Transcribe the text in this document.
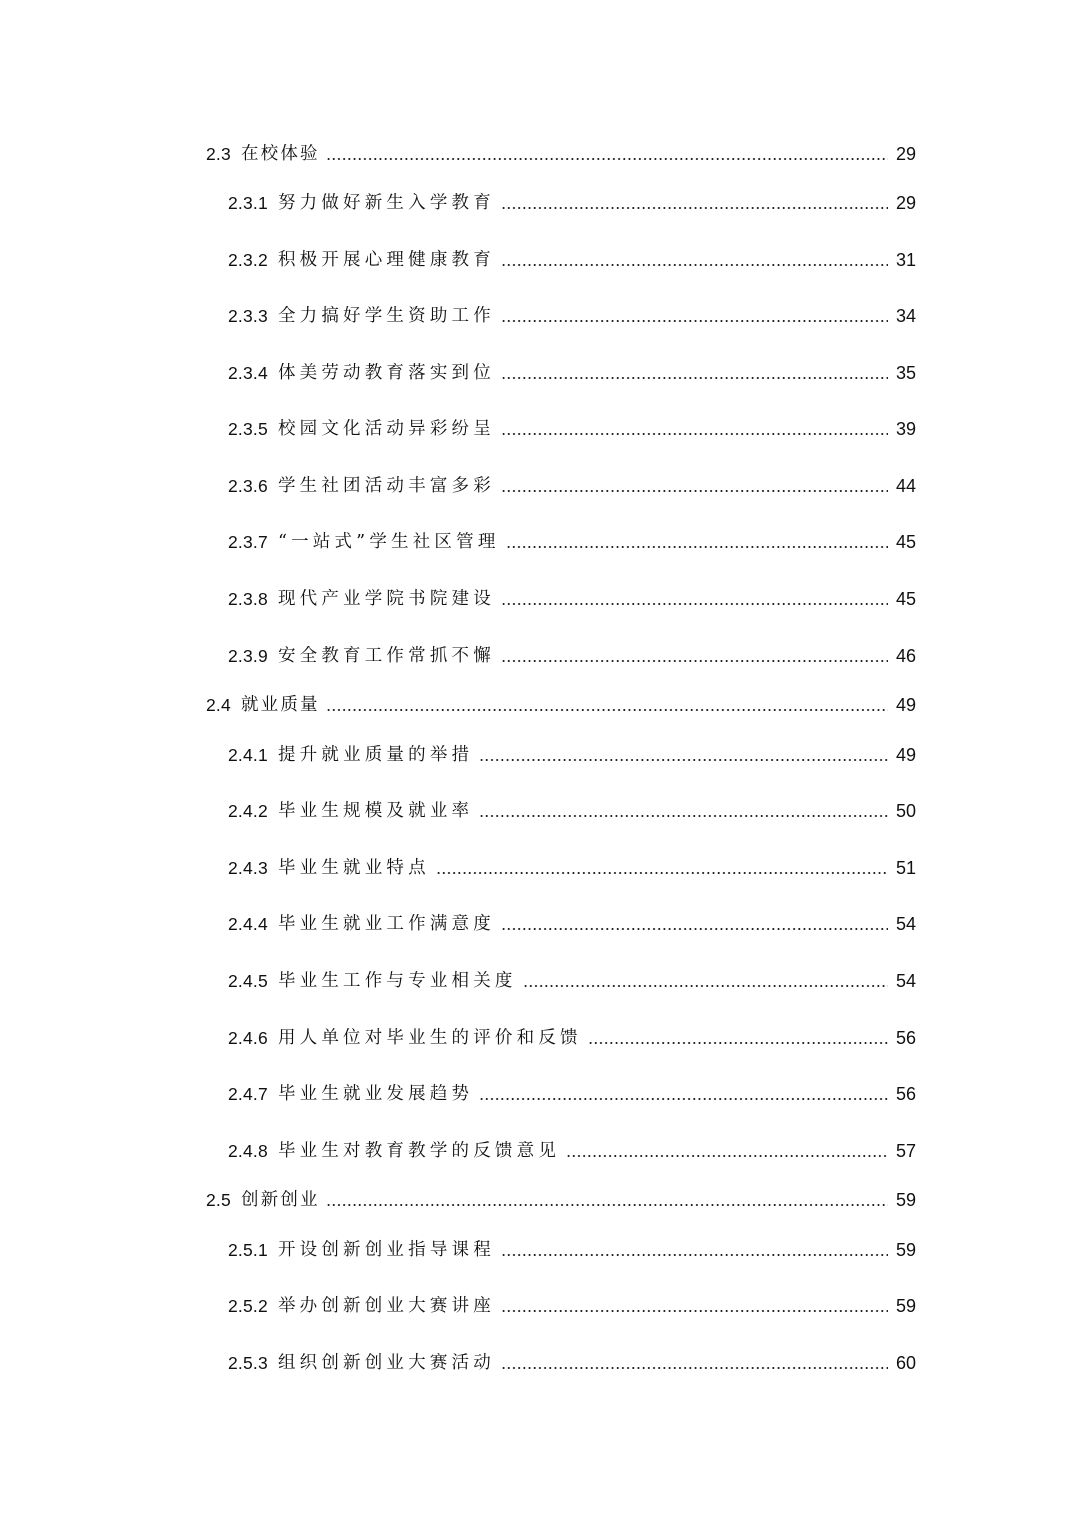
2.3 在校体验	29
2.3.1 努力做好新生入学教育	29
2.3.2 积极开展心理健康教育	31
2.3.3 全力搞好学生资助工作	34
2.3.4 体美劳动教育落实到位	35
2.3.5 校园文化活动异彩纷呈	39
2.3.6 学生社团活动丰富多彩	44
2.3.7 “一站式”学生社区管理	45
2.3.8 现代产业学院书院建设	45
2.3.9 安全教育工作常抓不懈	46
2.4 就业质量	49
2.4.1 提升就业质量的举措	49
2.4.2 毕业生规模及就业率	50
2.4.3 毕业生就业特点	51
2.4.4 毕业生就业工作满意度	54
2.4.5 毕业生工作与专业相关度	54
2.4.6 用人单位对毕业生的评价和反馈	56
2.4.7 毕业生就业发展趋势	56
2.4.8 毕业生对教育教学的反馈意见	57
2.5 创新创业	59
2.5.1 开设创新创业指导课程	59
2.5.2 举办创新创业大赛讲座	59
2.5.3 组织创新创业大赛活动	60
